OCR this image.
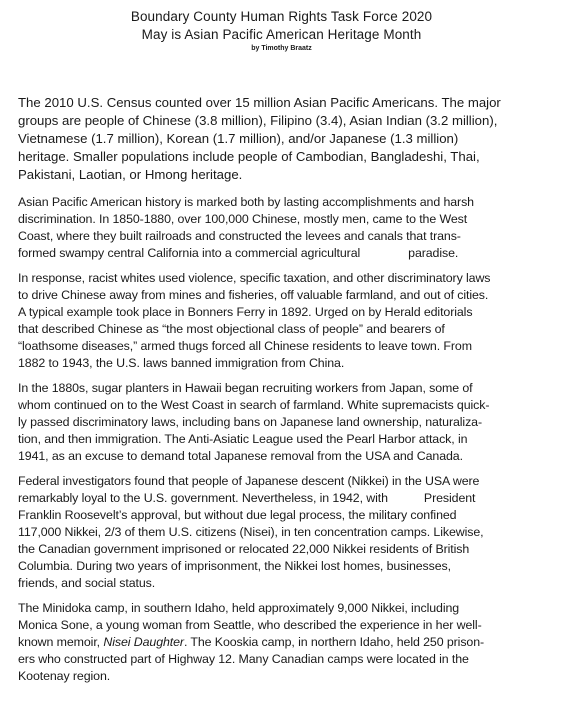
Boundary County Human Rights Task Force 2020
May is Asian Pacific American Heritage Month
by Timothy Braatz
The 2010 U.S. Census counted over 15 million Asian Pacific Americans. The major
groups are people of Chinese (3.8 million), Filipino (3.4), Asian Indian (3.2 million),
Vietnamese (1.7 million), Korean (1.7 million), and/or Japanese (1.3 million)
heritage. Smaller populations include people of Cambodian, Bangladeshi, Thai,
Pakistani, Laotian, or Hmong heritage.
Asian Pacific American history is marked both by lasting accomplishments and harsh
discrimination. In 1850-1880, over 100,000 Chinese, mostly men, came to the West
Coast, where they built railroads and constructed the levees and canals that trans-
formed swampy central California into a commercial agricultural	paradise.
In response, racist whites used violence, specific taxation, and other discriminatory laws
to drive Chinese away from mines and fisheries, off valuable farmland, and out of cities.
A typical example took place in Bonners Ferry in 1892. Urged on by Herald editorials
that described Chinese as “the most objectional class of people” and bearers of
“loathsome diseases,” armed thugs forced all Chinese residents to leave town. From
1882 to 1943, the U.S. laws banned immigration from China.
In the 1880s, sugar planters in Hawaii began recruiting workers from Japan, some of
whom continued on to the West Coast in search of farmland. White supremacists quick-
ly passed discriminatory laws, including bans on Japanese land ownership, naturaliza-
tion, and then immigration. The Anti-Asiatic League used the Pearl Harbor attack, in
1941, as an excuse to demand total Japanese removal from the USA and Canada.
Federal investigators found that people of Japanese descent (Nikkei) in the USA were
remarkably loyal to the U.S. government. Nevertheless, in 1942, with	President
Franklin Roosevelt’s approval, but without due legal process, the military confined
117,000 Nikkei, 2/3 of them U.S. citizens (Nisei), in ten concentration camps. Likewise,
the Canadian government imprisoned or relocated 22,000 Nikkei residents of British
Columbia. During two years of imprisonment, the Nikkei lost homes, businesses,
friends, and social status.
The Minidoka camp, in southern Idaho, held approximately 9,000 Nikkei, including
Monica Sone, a young woman from Seattle, who described the experience in her well-
known memoir, Nisei Daughter. The Kooskia camp, in northern Idaho, held 250 prison-
ers who constructed part of Highway 12. Many Canadian camps were located in the
Kootenay region.
